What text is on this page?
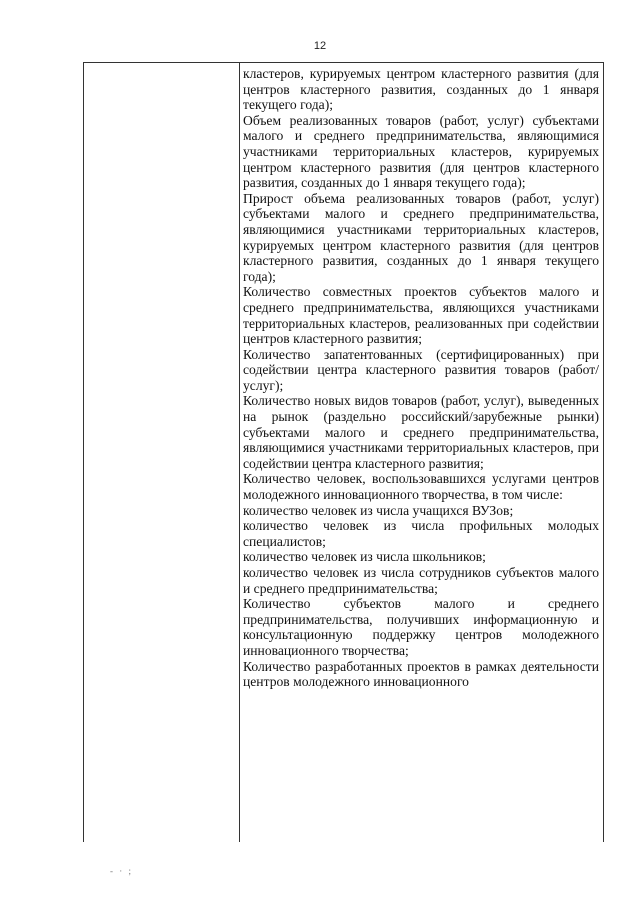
12

кластеров, курируемых центром кластерного развития (для центров кластерного развития, созданных до 1 января текущего года);

Объем реализованных товаров (работ, услуг) субъектами малого и среднего предпринимательства, являющимися участниками территориальных кластеров, курируемых центром кластерного развития (для центров кластерного развития, созданных до 1 января текущего года);

Прирост объема реализованных товаров (работ, услуг) субъектами малого и среднего предпринимательства, являющимися участниками территориальных кластеров, курируемых центром кластерного развития (для центров кластерного развития, созданных до 1 января текущего года);

Количество совместных проектов субъектов малого и среднего предпринимательства, являющихся участниками территориальных кластеров, реализованных при содействии центров кластерного развития;

Количество запатентованных (сертифицированных) при содействии центра кластерного развития товаров (работ/услуг);

Количество новых видов товаров (работ, услуг), выведенных на рынок (раздельно российский/зарубежные рынки) субъектами малого и среднего предпринимательства, являющимися участниками территориальных кластеров, при содействии центра кластерного развития;

Количество человек, воспользовавшихся услугами центров молодежного инновационного творчества, в том числе:

количество человек из числа учащихся ВУЗов;

количество человек из числа профильных молодых специалистов;

количество человек из числа школьников;

количество человек из числа сотрудников субъектов малого и среднего предпринимательства;

Количество субъектов малого и среднего предпринимательства, получивших информационную и консультационную поддержку центров молодежного инновационного творчества;

Количество разработанных проектов в рамках деятельности центров молодежного инновационного

- · ;
